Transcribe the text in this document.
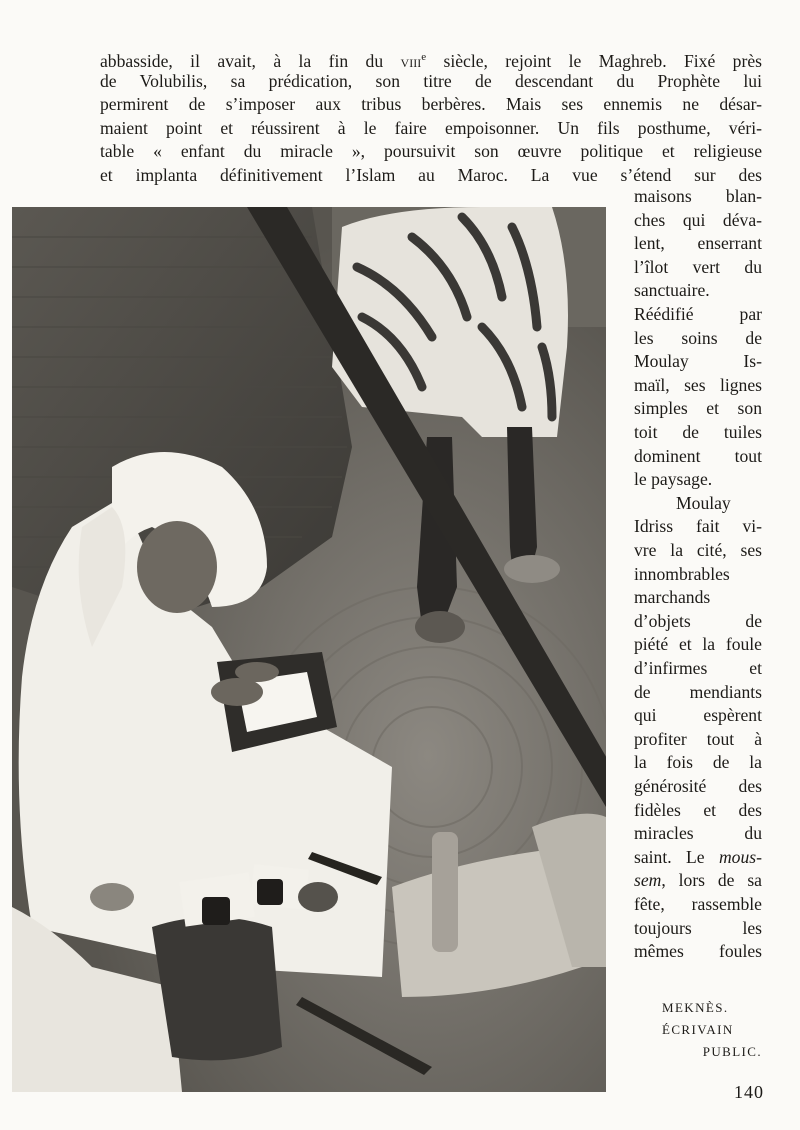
abbasside, il avait, à la fin du viii$^e$ siècle, rejoint le Maghreb. Fixé près

de Volubilis, sa prédication, son titre de descendant du Prophète lui

permirent de s’imposer aux tribus berbères. Mais ses ennemis ne désar-

maient point et réussirent à le faire empoisonner. Un fils posthume, véri-

table « enfant du miracle », poursuivit son œuvre politique et religieuse

et implanta définitivement l’Islam au Maroc. La vue s’étend sur des

maisons blan-

ches qui déva-

lent, enserrant

l’îlot vert du

sanctuaire.

Réédifié par

les soins de

Moulay Is-

maïl, ses lignes

simples et son

toit de tuiles

dominent tout

le paysage.

Moulay

Idriss fait vi-

vre la cité, ses

innombrables

marchands

d’objets de

piété et la foule

d’infirmes et

de mendiants

qui espèrent

profiter tout à

la fois de la

générosité des

fidèles et des

miracles du

saint. Le mous-

sem, lors de sa

fête, rassemble

toujours les

mêmes foules

MEKNÈS.
ÉCRIVAIN
PUBLIC.
140
